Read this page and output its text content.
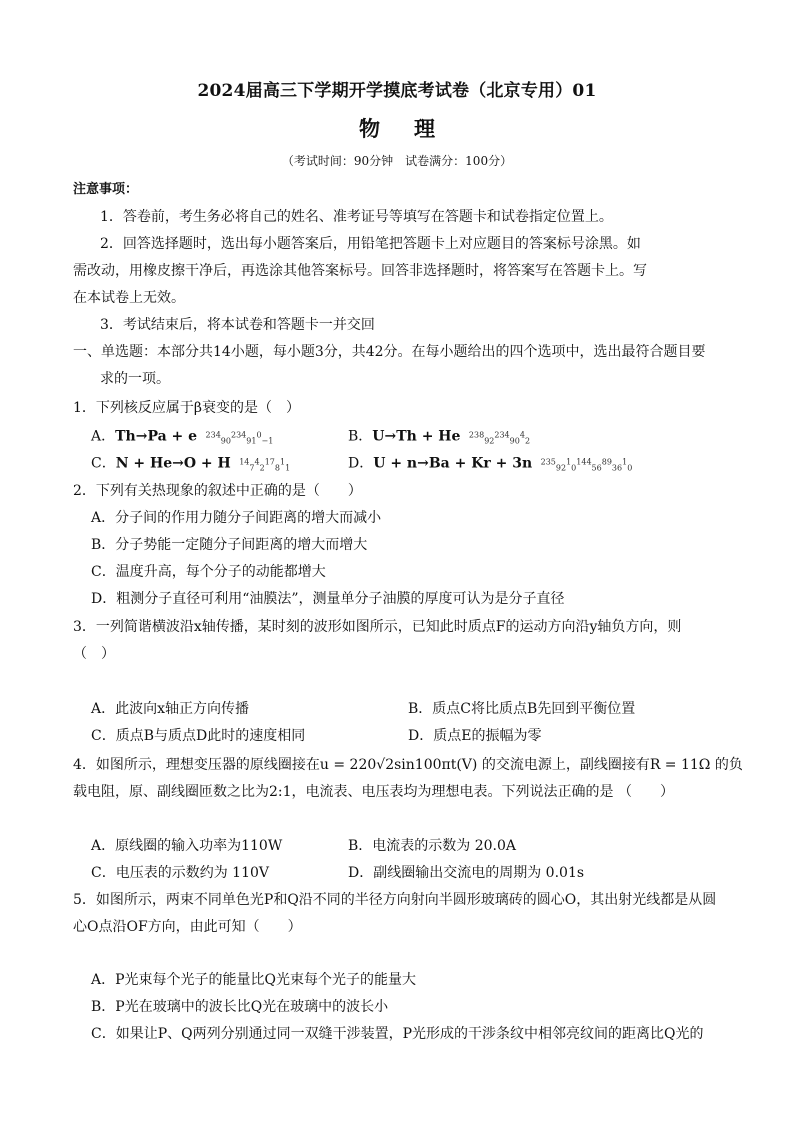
2024届高三下学期开学摸底考试卷（北京专用）01
物 理
（考试时间：90分钟　试卷满分：100分）
注意事项：
1．答卷前，考生务必将自己的姓名、准考证号等填写在答题卡和试卷指定位置上。
2．回答选择题时，选出每小题答案后，用铅笔把答题卡上对应题目的答案标号涂黑。如
需改动，用橡皮擦干净后，再选涂其他答案标号。回答非选择题时，将答案写在答题卡上。写
在本试卷上无效。
3．考试结束后，将本试卷和答题卡一并交回
一、单选题：本部分共14小题，每小题3分，共42分。在每小题给出的四个选项中，选出最符合题目要
求的一项。
1．下列核反应属于β衰变的是（　）
A．Th→Pa + e $^{234}_{90}^{234}_{91}^0_{-1}$	B．U→Th + He $^{238}_{92}^{234}_{90}^4_2$
C．N + He→O + H $^{14}_7^4_2^{17}_8^1_1$	D．U + n→Ba + Kr + 3n $^{235}_{92}^1_0^{144}_{56}^{89}_{36}^1_0$
2．下列有关热现象的叙述中正确的是（　　）
A．分子间的作用力随分子间距离的增大而减小
B．分子势能一定随分子间距离的增大而增大
C．温度升高，每个分子的动能都增大
D．粗测分子直径可利用“油膜法”，测量单分子油膜的厚度可认为是分子直径
3．一列简谐横波沿x轴传播，某时刻的波形如图所示，已知此时质点F的运动方向沿y轴负方向，则
（　）
A．此波向x轴正方向传播	B．质点C将比质点B先回到平衡位置
C．质点B与质点D此时的速度相同	D．质点E的振幅为零
4．如图所示，理想变压器的原线圈接在u = 220√2sin100πt(V) 的交流电源上，副线圈接有R = 11Ω 的负
载电阻，原、副线圈匝数之比为2:1，电流表、电压表均为理想电表。下列说法正确的是 （　　）
A．原线圈的输入功率为110W	B．电流表的示数为 20.0A
C．电压表的示数约为 110V	D．副线圈输出交流电的周期为 0.01s
5．如图所示，两束不同单色光P和Q沿不同的半径方向射向半圆形玻璃砖的圆心O，其出射光线都是从圆
心O点沿OF方向，由此可知（　　）
A．P光束每个光子的能量比Q光束每个光子的能量大
B．P光在玻璃中的波长比Q光在玻璃中的波长小
C．如果让P、Q两列分别通过同一双缝干涉装置，P光形成的干涉条纹中相邻亮纹间的距离比Q光的
